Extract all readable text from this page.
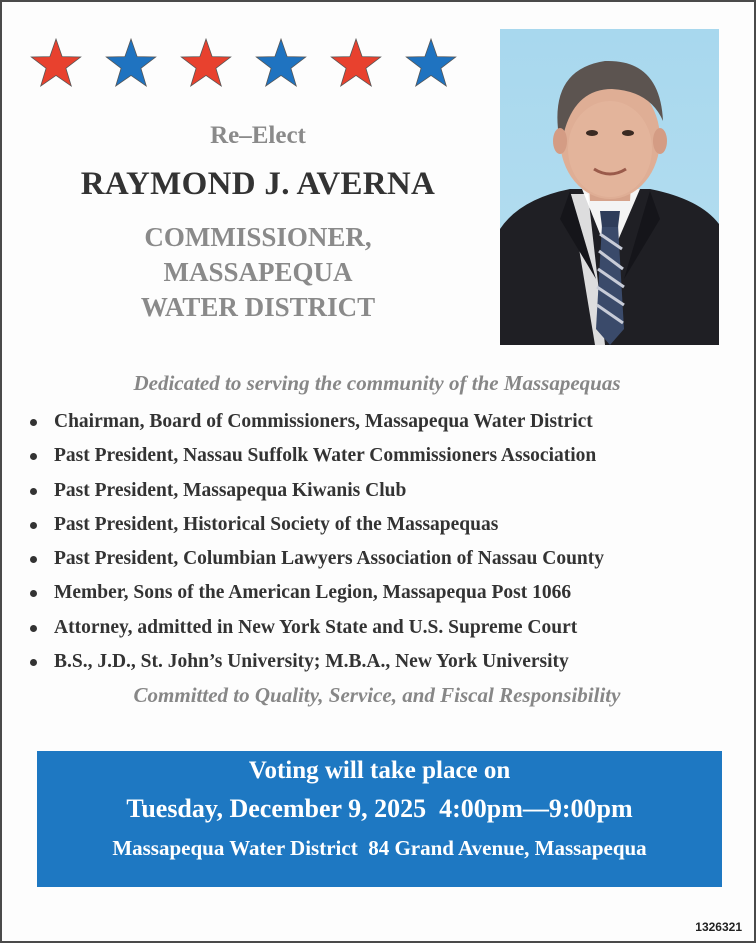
Re–Elect
RAYMOND J. AVERNA
COMMISSIONER,
MASSAPEQUA
WATER DISTRICT
Dedicated to serving the community of the Massapequas
Chairman, Board of Commissioners, Massapequa Water District
Past President, Nassau Suffolk Water Commissioners Association
Past President, Massapequa Kiwanis Club
Past President, Historical Society of the Massapequas
Past President, Columbian Lawyers Association of Nassau County
Member, Sons of the American Legion, Massapequa Post 1066
Attorney, admitted in New York State and U.S. Supreme Court
B.S., J.D., St. John’s University; M.B.A., New York University
Committed to Quality, Service, and Fiscal Responsibility
Voting will take place on
Tuesday, December 9, 2025  4:00pm—9:00pm
Massapequa Water District  84 Grand Avenue, Massapequa
1326321
